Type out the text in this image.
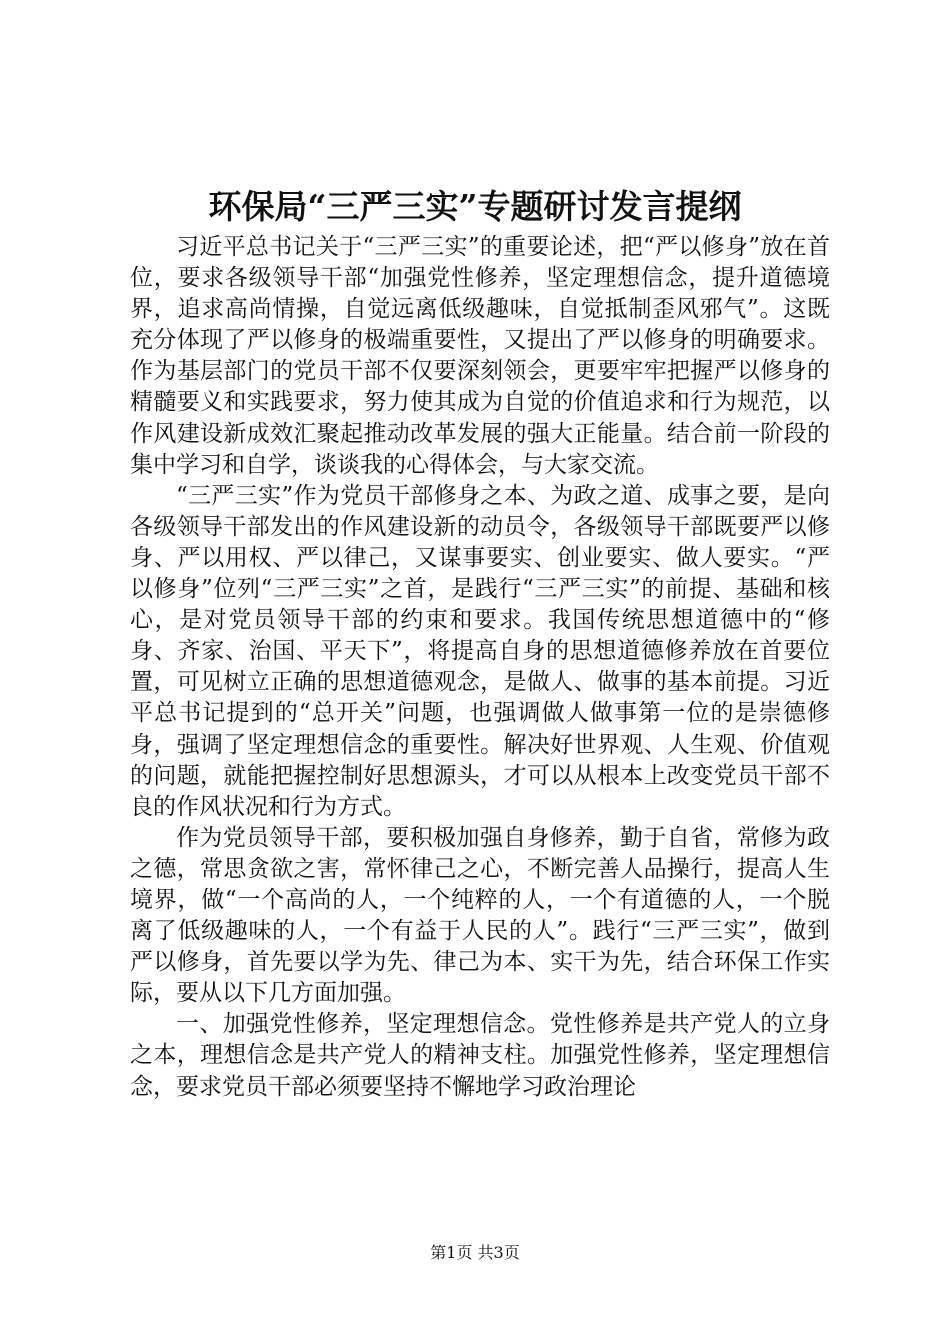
环保局“三严三实”专题研讨发言提纲

习近平总书记关于“三严三实”的重要论述，把“严以修身”放在首位，要求各级领导干部“加强党性修养，坚定理想信念，提升道德境界，追求高尚情操，自觉远离低级趣味，自觉抵制歪风邪气”。这既充分体现了严以修身的极端重要性，又提出了严以修身的明确要求。作为基层部门的党员干部不仅要深刻领会，更要牢牢把握严以修身的精髓要义和实践要求，努力使其成为自觉的价值追求和行为规范，以作风建设新成效汇聚起推动改革发展的强大正能量。结合前一阶段的集中学习和自学，谈谈我的心得体会，与大家交流。

“三严三实”作为党员干部修身之本、为政之道、成事之要，是向各级领导干部发出的作风建设新的动员令，各级领导干部既要严以修身、严以用权、严以律己，又谋事要实、创业要实、做人要实。“严以修身”位列“三严三实”之首，是践行“三严三实”的前提、基础和核心，是对党员领导干部的约束和要求。我国传统思想道德中的“修身、齐家、治国、平天下”，将提高自身的思想道德修养放在首要位置，可见树立正确的思想道德观念，是做人、做事的基本前提。习近平总书记提到的“总开关”问题，也强调做人做事第一位的是崇德修身，强调了坚定理想信念的重要性。解决好世界观、人生观、价值观的问题，就能把握控制好思想源头，才可以从根本上改变党员干部不良的作风状况和行为方式。

作为党员领导干部，要积极加强自身修养，勤于自省，常修为政之德，常思贪欲之害，常怀律己之心，不断完善人品操行，提高人生境界，做“一个高尚的人，一个纯粹的人，一个有道德的人，一个脱离了低级趣味的人，一个有益于人民的人”。践行“三严三实”，做到严以修身，首先要以学为先、律己为本、实干为先，结合环保工作实际，要从以下几方面加强。

一、加强党性修养，坚定理想信念。党性修养是共产党人的立身之本，理想信念是共产党人的精神支柱。加强党性修养，坚定理想信念，要求党员干部必须要坚持不懈地学习政治理论

第1页 共3页
